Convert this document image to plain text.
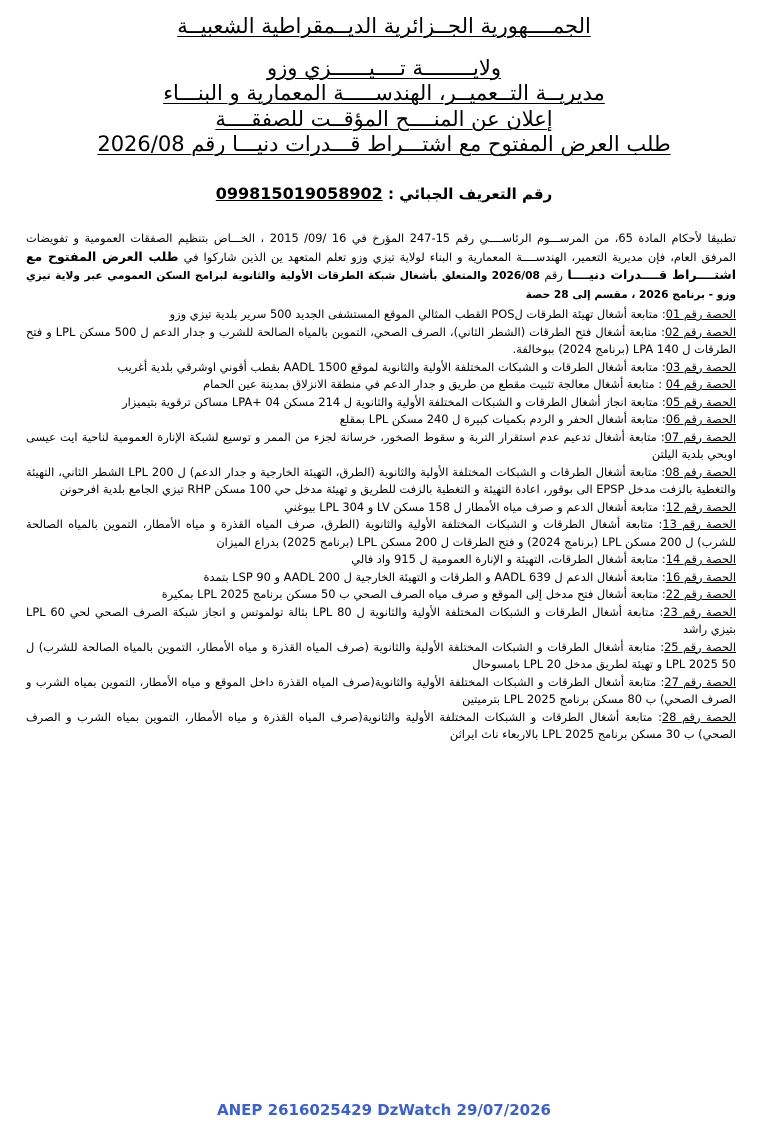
الجمــــهورية الجــزائرية الديــمقراطية الشعبيــة
ولايــــــــة تــــيــــــزي وزو
مديريــة التــعميــر، الهندســـــة المعمارية و البنـــاء
إعلان عن المنــــح المؤقــت للصفقــــة
طلب العرض المفتوح مع اشتـــراط قـــدرات دنيـــا رقم 2026/08
رقم التعريف الجبائي : 099815019058902

تطبيقا لأحكام المادة 65، من المرســـوم الرئاســــي رقم 15-247 المؤرخ في 16 /09/ 2015 ، الخـــاص بتنظيم الصفقات العمومية و تفويضات المرفق العام، فإن مديرية التعمير، الهندســــة المعمارية و البناء لولاية تيزي وزو تعلم المتعهد ين الذين شاركوا في طلب العرض المفتوح مع اشتــــراط قــــدرات دنيــــا رقم 2026/08 والمتعلق بأشغال شبكة الطرقات الأولية والثانوية لبرامج السكن العمومي عبر ولاية تيزي وزو - برنامج 2026 ، مقسم إلى 28 حصة

الحصة رقم 01: متابعة أشغال تهيئة الطرقات لPOS القطب المثالي الموقع المستشفى الجديد 500 سرير بلدية تيزي وزو

الحصة رقم 02: متابعة أشغال فتح الطرقات (الشطر الثاني)، الصرف الصحي، التموين بالمياه الصالحة للشرب و جدار الدعم ل 500 مسكن LPL و فتح الطرقات ل 140 LPA (برنامج 2024) ببوخالفة.

الحصة رقم 03: متابعة أشغال الطرقات و الشبكات المختلفة الأولية والثانوية لموقع 1500 AADL بقطب أقوني اوشرقي بلدية أغريب

الحصة رقم 04 : متابعة أشغال معالجة تثبيت مقطع من طريق و جدار الدعم في منطقة الانزلاق بمدينة عين الحمام

الحصة رقم 05: متابعة انجاز أشغال الطرقات و الشبكات المختلفة الأولية والثانوية ل 214 مسكن LPA+ 04 مساكن ترقوية بتيميزار

الحصة رقم 06: متابعة أشغال الحفر و الردم بكميات كبيرة ل 240 مسكن LPL بمقلع

الحصة رقم 07: متابعة أشغال تدعيم عدم استقرار التربة و سقوط الصخور، خرسانة لجزء من الممر و توسيع لشبكة الإنارة العمومية لناحية ايت عيسى اويحي بلدية اليلتن

الحصة رقم 08: متابعة أشغال الطرقات و الشبكات المختلفة الأولية والثانوية (الطرق، التهيئة الخارجية و جدار الدعم) ل 200 LPL الشطر الثاني، التهيئة والتغطية بالزفت مدخل EPSP الى بوقور، اعادة التهيئة و التغطية بالزفت للطريق و تهيئة مدخل حي 100 مسكن RHP تيزي الجامع بلدية افرحونن

الحصة رقم 12: متابعة أشغال الدعم و صرف مياه الأمطار ل 158 مسكن LV و 304 LPL بيوغني

الحصة رقم 13: متابعة أشغال الطرقات و الشبكات المختلفة الأولية والثانوية (الطرق، صرف المياه القذرة و مياه الأمطار، التموين بالمياه الصالحة للشرب) ل 200 مسكن LPL (برنامج 2024) و فتح الطرقات ل 200 مسكن LPL (برنامج 2025) بدراع الميزان

الحصة رقم 14: متابعة أشغال الطرقات، التهيئة و الإنارة العمومية ل 915 واد فالي

الحصة رقم 16: متابعة أشغال الدعم ل 639 AADL و الطرقات و التهيئة الخارجية ل 200 AADL و 90 LSP بتمدة

الحصة رقم 22: متابعة أشغال فتح مدخل إلى الموقع و صرف مياه الصرف الصحي ب 50 مسكن برنامج 2025 LPL بمكيرة

الحصة رقم 23: متابعة أشغال الطرقات و الشبكات المختلفة الأولية والثانوية ل 80 LPL بثالة تولموتس و انجاز شبكة الصرف الصحي لحي 60 LPL بتيزي راشد

الحصة رقم 25: متابعة أشغال الطرقات و الشبكات المختلفة الأولية والثانوية (صرف المياه القذرة و مياه الأمطار، التموين بالمياه الصالحة للشرب) ل 50 LPL 2025 و تهيئة لطريق مدخل 20 LPL بامسوحال

الحصة رقم 27: متابعة أشغال الطرقات و الشبكات المختلفة الأولية والثانوية(صرف المياه القذرة داخل الموقع و مياه الأمطار، التموين بمياه الشرب و الصرف الصحي) ب 80 مسكن برنامج LPL 2025 بترميتين

الحصة رقم 28: متابعة أشغال الطرقات و الشبكات المختلفة الأولية والثانوية(صرف المياه القذرة و مياه الأمطار، التموين بمياه الشرب و الصرف الصحي) ب 30 مسكن برنامج LPL 2025 بالاربعاء ناث ايراثن

ANEP 2616025429 DzWatch 29/07/2026
